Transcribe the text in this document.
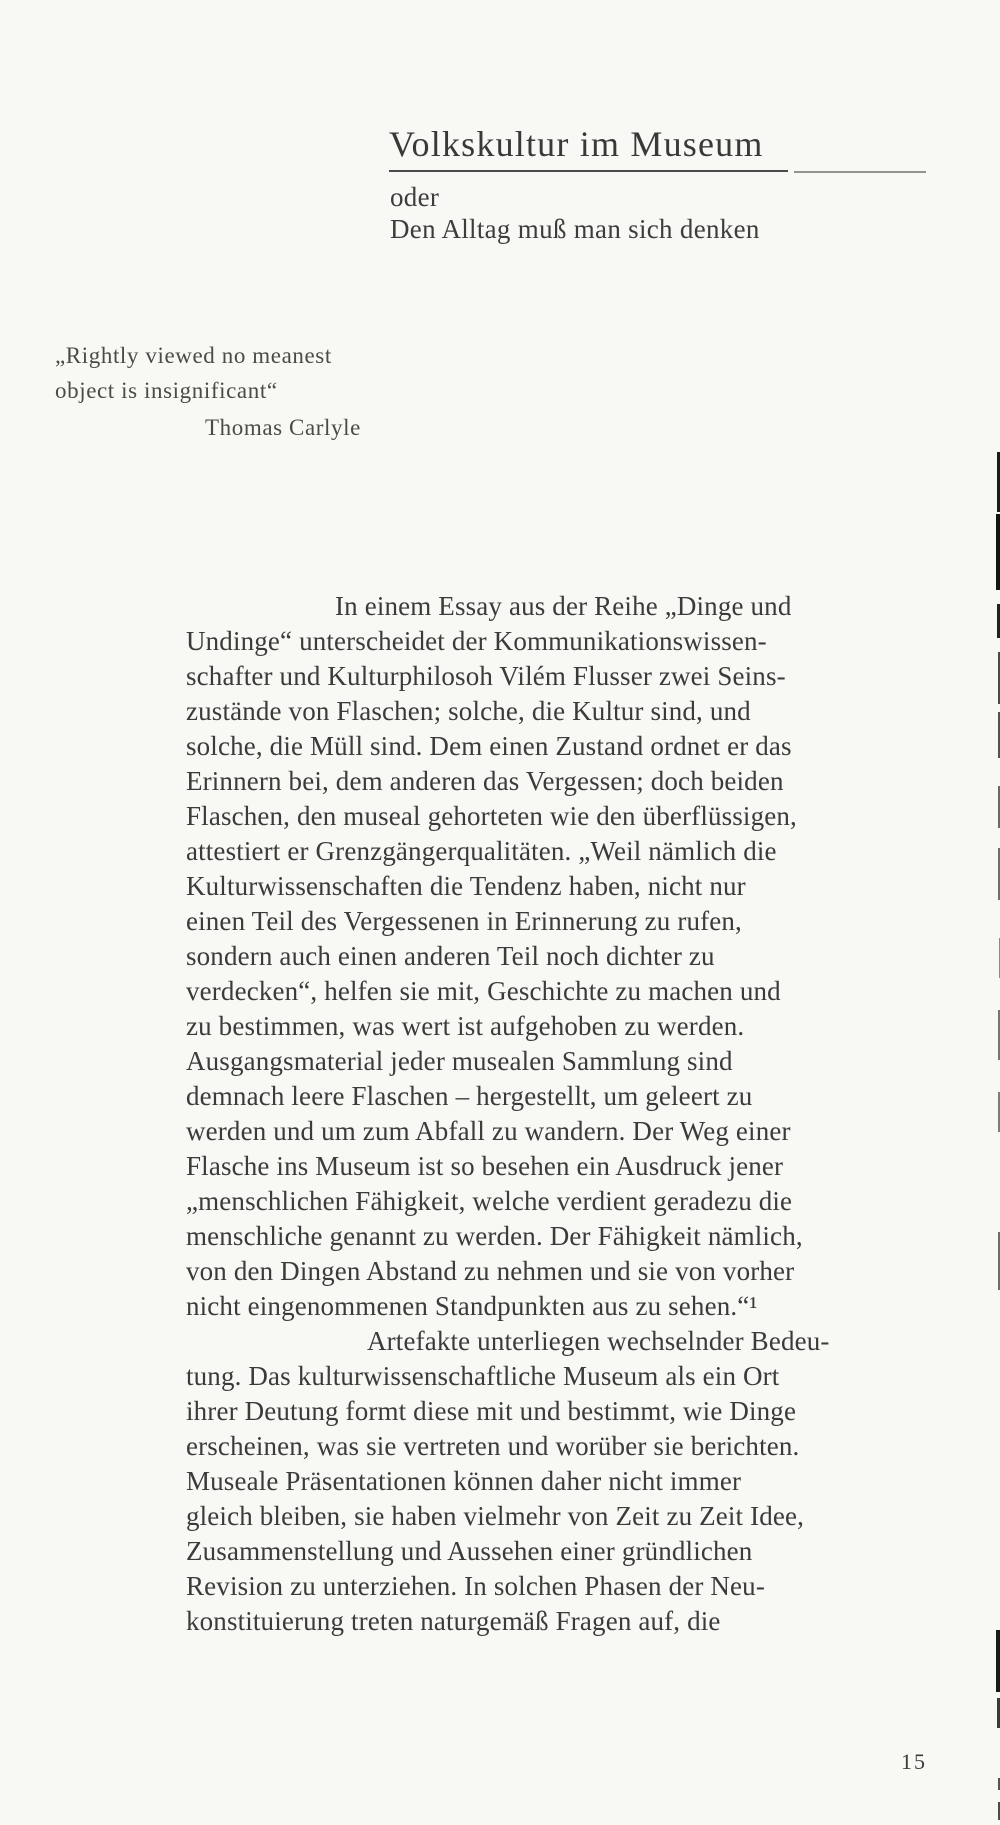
Volkskultur im Museum
oder
Den Alltag muß man sich denken
„Rightly viewed no meanest
object is insignificant“
Thomas Carlyle
In einem Essay aus der Reihe „Dinge und
Undinge“ unterscheidet der Kommunikationswissen-
schafter und Kulturphilosoh Vilém Flusser zwei Seins-
zustände von Flaschen; solche, die Kultur sind, und
solche, die Müll sind. Dem einen Zustand ordnet er das
Erinnern bei, dem anderen das Vergessen; doch beiden
Flaschen, den museal gehorteten wie den überflüssigen,
attestiert er Grenzgängerqualitäten. „Weil nämlich die
Kulturwissenschaften die Tendenz haben, nicht nur
einen Teil des Vergessenen in Erinnerung zu rufen,
sondern auch einen anderen Teil noch dichter zu
verdecken“, helfen sie mit, Geschichte zu machen und
zu bestimmen, was wert ist aufgehoben zu werden.
Ausgangsmaterial jeder musealen Sammlung sind
demnach leere Flaschen – hergestellt, um geleert zu
werden und um zum Abfall zu wandern. Der Weg einer
Flasche ins Museum ist so besehen ein Ausdruck jener
„menschlichen Fähigkeit, welche verdient geradezu die
menschliche genannt zu werden. Der Fähigkeit nämlich,
von den Dingen Abstand zu nehmen und sie von vorher
nicht eingenommenen Standpunkten aus zu sehen.“¹
Artefakte unterliegen wechselnder Bedeu-
tung. Das kulturwissenschaftliche Museum als ein Ort
ihrer Deutung formt diese mit und bestimmt, wie Dinge
erscheinen, was sie vertreten und worüber sie berichten.
Museale Präsentationen können daher nicht immer
gleich bleiben, sie haben vielmehr von Zeit zu Zeit Idee,
Zusammenstellung und Aussehen einer gründlichen
Revision zu unterziehen. In solchen Phasen der Neu-
konstituierung treten naturgemäß Fragen auf, die
15
